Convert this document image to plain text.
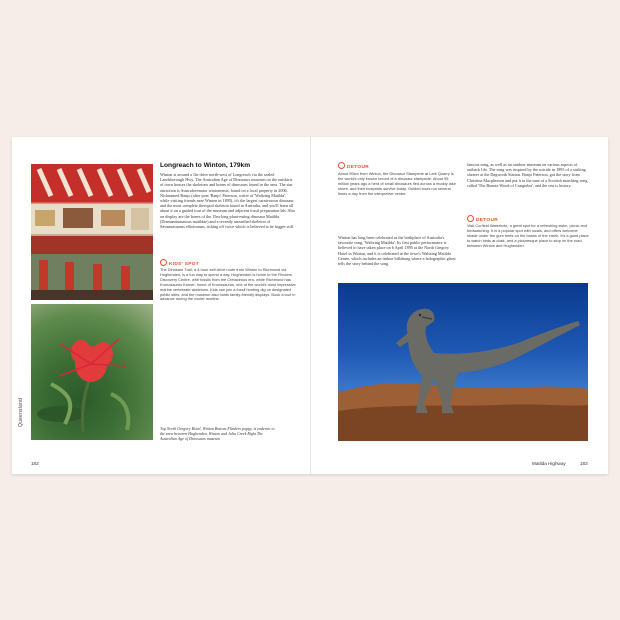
Queensland
Longreach to Winton, 179km
Winton is around a 1hr drive north-west of Longreach via the sealed Landsborough Hwy. The Australian Age of Dinosaurs museum on the outskirts of town houses the skeletons and bones of dinosaurs found in the area. The star attraction is Australovenator wintonensis, found on a local property in 2006. Nicknamed Banjo (after poet 'Banjo' Paterson, writer of 'Waltzing Matilda', while visiting friends near Winton in 1895), it's the largest carnivorous dinosaur and the most complete theropod skeleton found in Australia, and you'll learn all about it on a guided tour of the museum and adjacent fossil preparation lab. Also on display are the bones of the 15m-long plant-eating dinosaur Matilda (Diamantinasaurus matildae) and a recently unearthed skeleton of Savannasaurus elliottorum, ticking off twice which is believed to be bigger still.
KIDS' SPOT
The Dinosaur Trail, a 4-hour self-drive route from Winton to Richmond via Hughenden, is a fun way to spend a day. Hughenden is home to the Flinders Discovery Centre, with fossils from the Cretaceous era, while Richmond has Kronosaurus Korner, home of Kronosaurus, one of the world's most impressive marine vertebrate skeletons. Kids can join a fossil hunting dig on designated public sites, and the museum also hosts family-friendly displays. Book a tour in advance during the cooler months.
Top North Gregory Hotel, Winton Bottom Flinders poppy, is endemic to the area between Hughenden, Winton and Julia Creek Right The Australian Age of Dinosaurs museum
182
DETOUR
About 95km from Winton, the Dinosaur Stampede at Lark Quarry is the world's only known record of a dinosaur stampede. About 95 million years ago a herd of small dinosaurs fled across a muddy lake shore, and their footprints survive today. Guided tours run several times a day from the interpretive centre.
Winton has long been celebrated as the birthplace of Australia's favourite song, 'Waltzing Matilda'. Its first public performance is believed to have taken place on 6 April 1895 at the North Gregory Hotel in Winton, and it is celebrated in the town's Waltzing Matilda Centre, which includes an indoor billabong where a holographic ghost tells the story behind the song.
famous song, as well as an outdoor museum on various aspects of outback life. The song was inspired by the suicide in 1895 of a striking shearer at the Dagworth Station. Banjo Paterson, got the story from Christina Macpherson and put it to the tune of a Scottish marching song called 'The Bonnie Wood of Craigielea', and the rest is history.
DETOUR
Visit Corfield Waterhole, a great spot for a refreshing swim, picnic and birdwatching. It is a popular spot with locals, and offers welcome shade under the gum trees on the banks of the creek. It's a good place to watch birds at dusk, and a picturesque place to stop on the road between Winton and Hughenden.
Matilda Highway	183
